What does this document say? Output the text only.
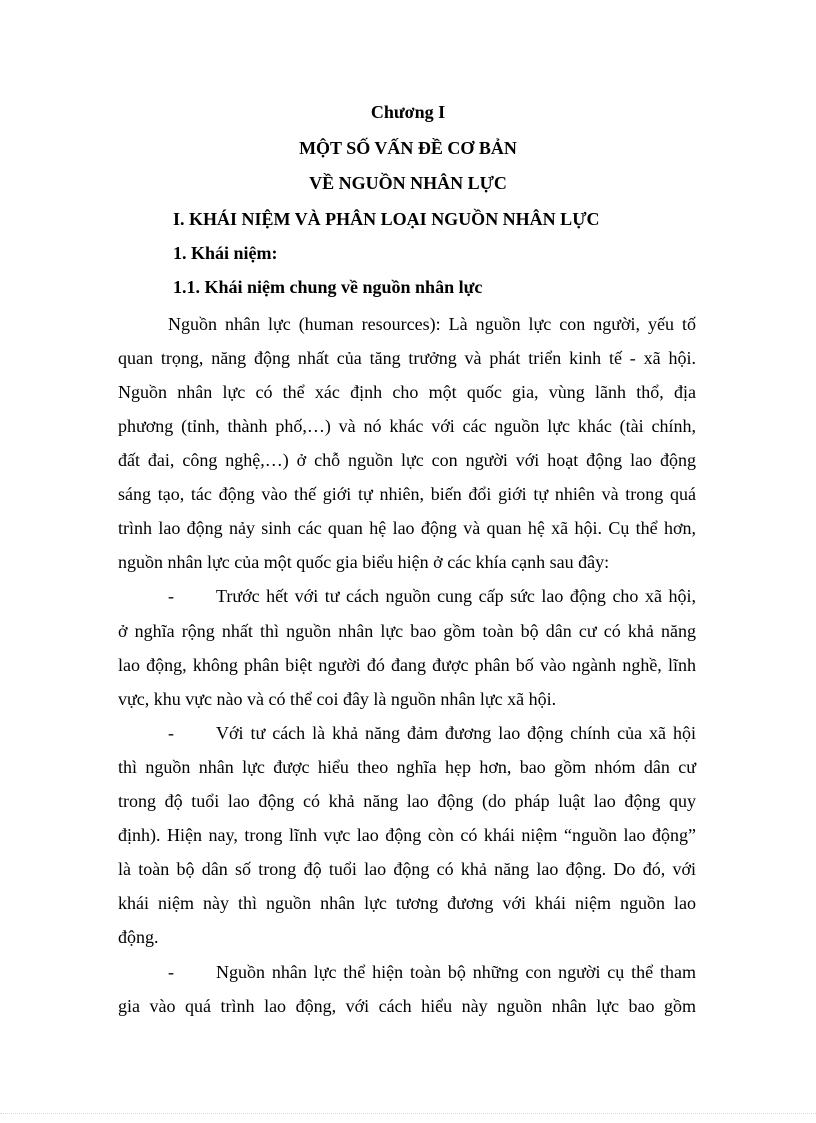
Chương I
MỘT SỐ VẤN ĐỀ CƠ BẢN
VỀ NGUỒN NHÂN LỰC
I. KHÁI NIỆM VÀ PHÂN LOẠI NGUỒN NHÂN LỰC
1. Khái niệm:
1.1. Khái niệm chung về nguồn nhân lực
Nguồn nhân lực (human resources): Là nguồn lực con người, yếu tố
quan trọng, năng động nhất của tăng trưởng và phát triển kinh tế - xã hội.
Nguồn nhân lực có thể xác định cho một quốc gia, vùng lãnh thổ, địa
phương (tỉnh, thành phố,…) và nó khác với các nguồn lực khác (tài chính,
đất đai, công nghệ,…) ở chỗ nguồn lực con người với hoạt động lao động
sáng tạo, tác động vào thế giới tự nhiên, biến đổi giới tự nhiên và trong quá
trình lao động nảy sinh các quan hệ lao động và quan hệ xã hội. Cụ thể hơn,
nguồn nhân lực của một quốc gia biểu hiện ở các khía cạnh sau đây:
- Trước hết với tư cách nguồn cung cấp sức lao động cho xã hội,
ở nghĩa rộng nhất thì nguồn nhân lực bao gồm toàn bộ dân cư có khả năng
lao động, không phân biệt người đó đang được phân bố vào ngành nghề, lĩnh
vực, khu vực nào và có thể coi đây là nguồn nhân lực xã hội.
- Với tư cách là khả năng đảm đương lao động chính của xã hội
thì nguồn nhân lực được hiểu theo nghĩa hẹp hơn, bao gồm nhóm dân cư
trong độ tuổi lao động có khả năng lao động (do pháp luật lao động quy
định). Hiện nay, trong lĩnh vực lao động còn có khái niệm “nguồn lao động”
là toàn bộ dân số trong độ tuổi lao động có khả năng lao động. Do đó, với
khái niệm này thì nguồn nhân lực tương đương với khái niệm nguồn lao
động.
- Nguồn nhân lực thể hiện toàn bộ những con người cụ thể tham
gia vào quá trình lao động, với cách hiểu này nguồn nhân lực bao gồm
